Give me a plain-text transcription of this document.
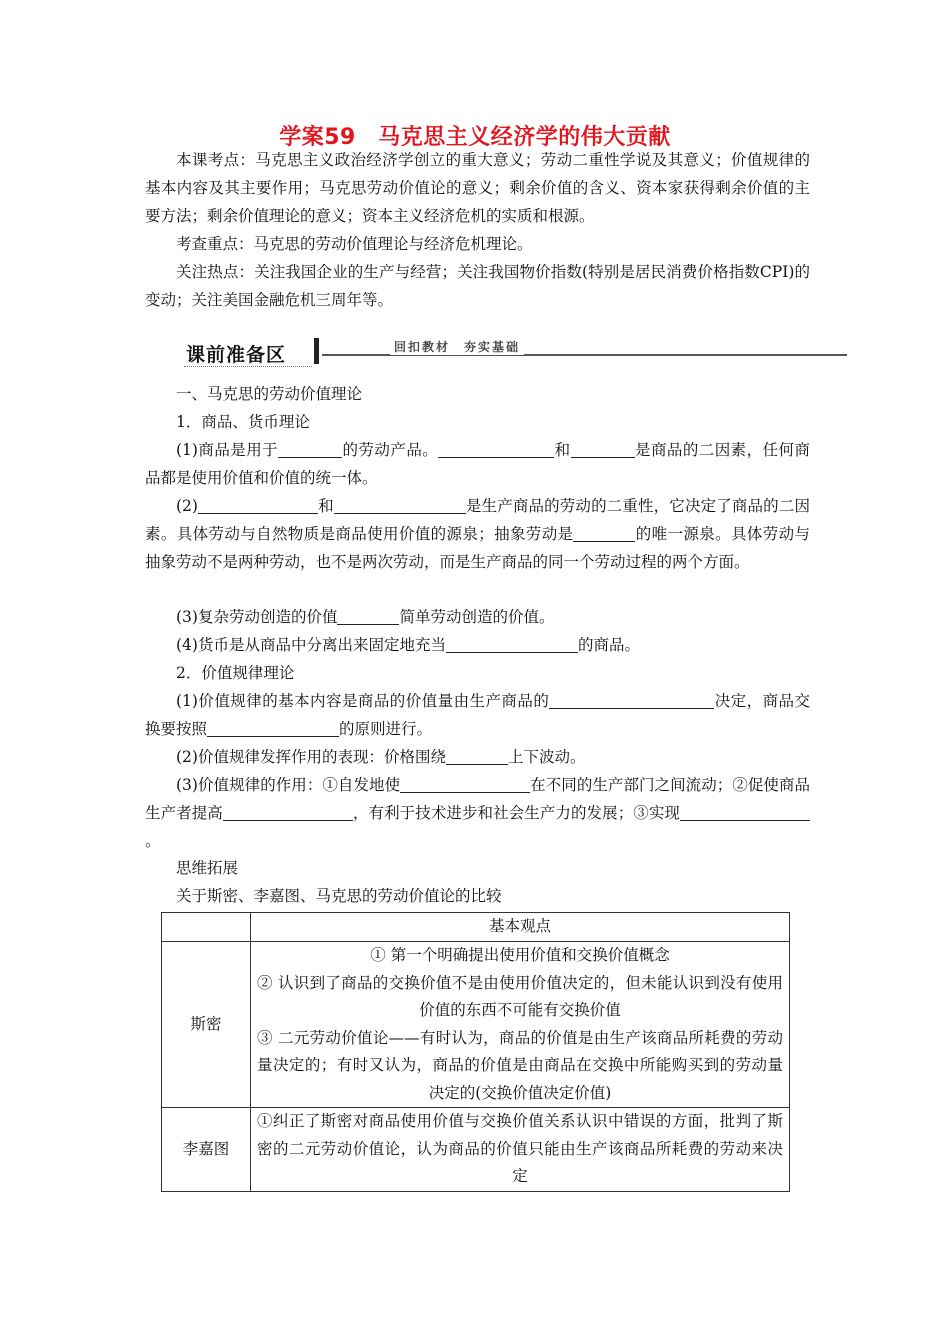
学案59　马克思主义经济学的伟大贡献
本课考点：马克思主义政治经济学创立的重大意义；劳动二重性学说及其意义；价值规律的基本内容及其主要作用；马克思劳动价值论的意义；剩余价值的含义、资本家获得剩余价值的主要方法；剩余价值理论的意义；资本主义经济危机的实质和根源。
考查重点：马克思的劳动价值理论与经济危机理论。
关注热点：关注我国企业的生产与经营；关注我国物价指数(特别是居民消费价格指数CPI)的变动；关注美国金融危机三周年等。
课前准备区	回扣教材　夯实基础
一、马克思的劳动价值理论
1．商品、货币理论
(1)商品是用于	的劳动产品。	和	是商品的二因素，任何商品都是使用价值和价值的统一体。
(2)	和	是生产商品的劳动的二重性，它决定了商品的二因素。具体劳动与自然物质是商品使用价值的源泉；抽象劳动是	的唯一源泉。具体劳动与抽象劳动不是两种劳动，也不是两次劳动，而是生产商品的同一个劳动过程的两个方面。
(3)复杂劳动创造的价值	简单劳动创造的价值。
(4)货币是从商品中分离出来固定地充当	的商品。
2．价值规律理论
(1)价值规律的基本内容是商品的价值量由生产商品的	决定，商品交换要按照	的原则进行。
(2)价值规律发挥作用的表现：价格围绕	上下波动。
(3)价值规律的作用：①自发地使	在不同的生产部门之间流动；②促使商品生产者提高	，有利于技术进步和社会生产力的发展；③实现。
思维拓展
关于斯密、李嘉图、马克思的劳动价值论的比较
	基本观点
斯密	① 第一个明确提出使用价值和交换价值概念
② 认识到了商品的交换价值不是由使用价值决定的，但未能认识到没有使用价值的东西不可能有交换价值
③ 二元劳动价值论——有时认为，商品的价值是由生产该商品所耗费的劳动量决定的；有时又认为，商品的价值是由商品在交换中所能购买到的劳动量决定的(交换价值决定价值)

李嘉图	①纠正了斯密对商品使用价值与交换价值关系认识中错误的方面，批判了斯密的二元劳动价值论，认为商品的价值只能由生产该商品所耗费的劳动来决定
